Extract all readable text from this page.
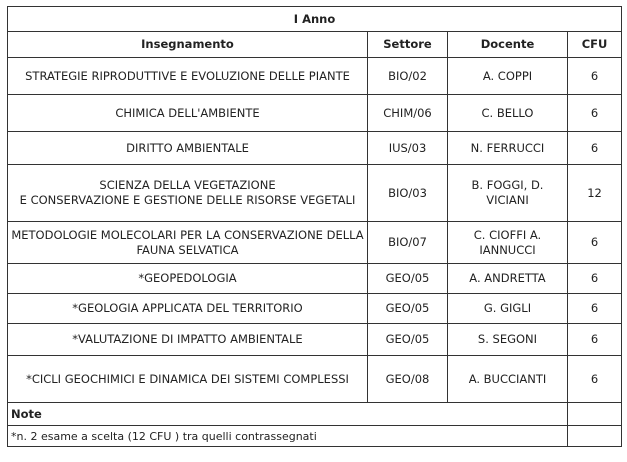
I Anno			
Insegnamento	Settore	Docente	CFU
STRATEGIE RIPRODUTTIVE E EVOLUZIONE DELLE PIANTE	BIO/02	A. COPPI	6
CHIMICA DELL'AMBIENTE	CHIM/06	C. BELLO	6
DIRITTO AMBIENTALE	IUS/03	N. FERRUCCI	6
SCIENZA DELLA VEGETAZIONE
E CONSERVAZIONE E GESTIONE DELLE RISORSE VEGETALI	BIO/03	B. FOGGI, D. VICIANI	12
METODOLOGIE MOLECOLARI PER LA CONSERVAZIONE DELLA FAUNA SELVATICA	BIO/07	C. CIOFFI A. IANNUCCI	6
*GEOPEDOLOGIA	GEO/05	A. ANDRETTA	6
*GEOLOGIA APPLICATA DEL TERRITORIO	GEO/05	G. GIGLI	6
*VALUTAZIONE DI IMPATTO AMBIENTALE	GEO/05	S. SEGONI	6
*CICLI GEOCHIMICI E DINAMICA DEI SISTEMI COMPLESSI	GEO/08	A. BUCCIANTI	6
Note			
*n. 2 esame a scelta (12 CFU ) tra quelli contrassegnati			
